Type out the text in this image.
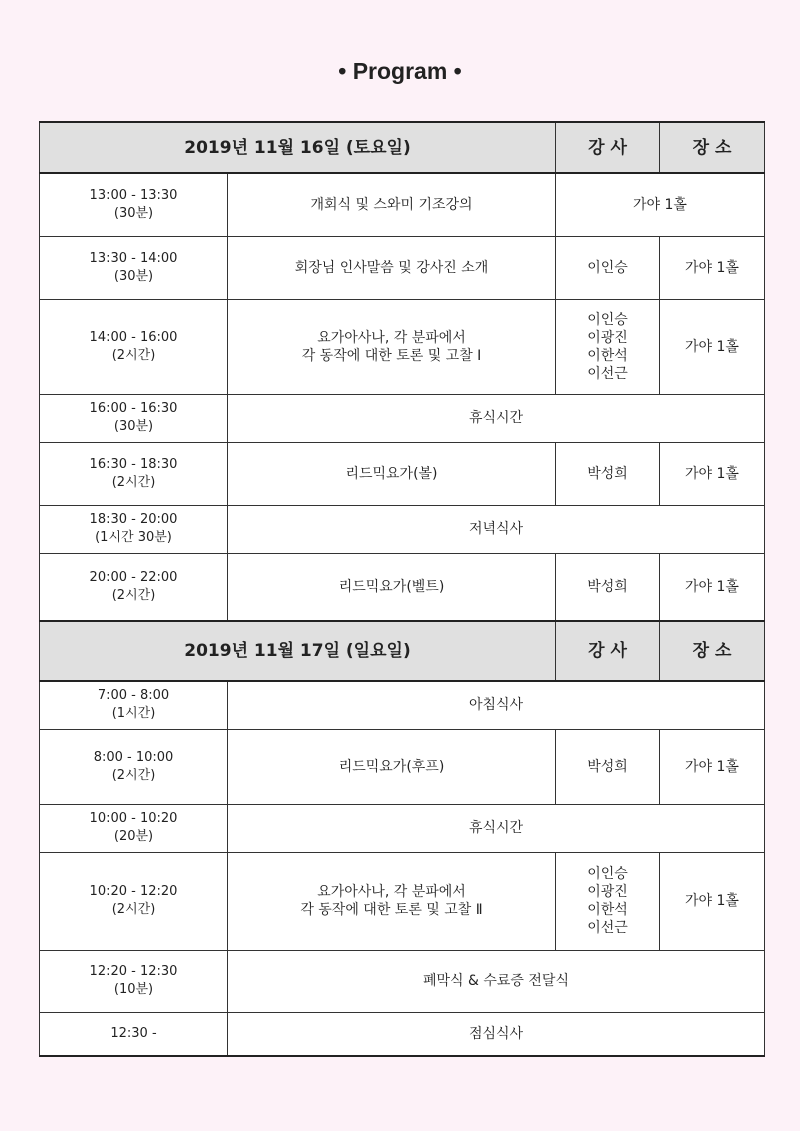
• Program •
2019년 11월 16일 (토요일)		강 사	장 소

13:00 - 13:30
(30분)	개회식 및 스와미 기조강의	가야 1홀	

13:30 - 14:00
(30분)	회장님 인사말씀 및 강사진 소개	이인승	가야 1홀

14:00 - 16:00
(2시간)	요가아사나, 각 분파에서
각 동작에 대한 토론 및 고찰 Ⅰ	이인승
이광진
이한석
이선근	가야 1홀

16:00 - 16:30
(30분)	휴식시간		

16:30 - 18:30
(2시간)	리드믹요가(볼)	박성희	가야 1홀

18:30 - 20:00
(1시간 30분)	저녁식사		

20:00 - 22:00
(2시간)	리드믹요가(벨트)	박성희	가야 1홀
2019년 11월 17일 (일요일)		강 사	장 소

7:00 - 8:00
(1시간)	아침식사		

8:00 - 10:00
(2시간)	리드믹요가(후프)	박성희	가야 1홀

10:00 - 10:20
(20분)	휴식시간		

10:20 - 12:20
(2시간)	요가아사나, 각 분파에서
각 동작에 대한 토론 및 고찰 Ⅱ	이인승
이광진
이한석
이선근	가야 1홀

12:20 - 12:30
(10분)	폐막식 & 수료증 전달식		

12:30 -	점심식사		
